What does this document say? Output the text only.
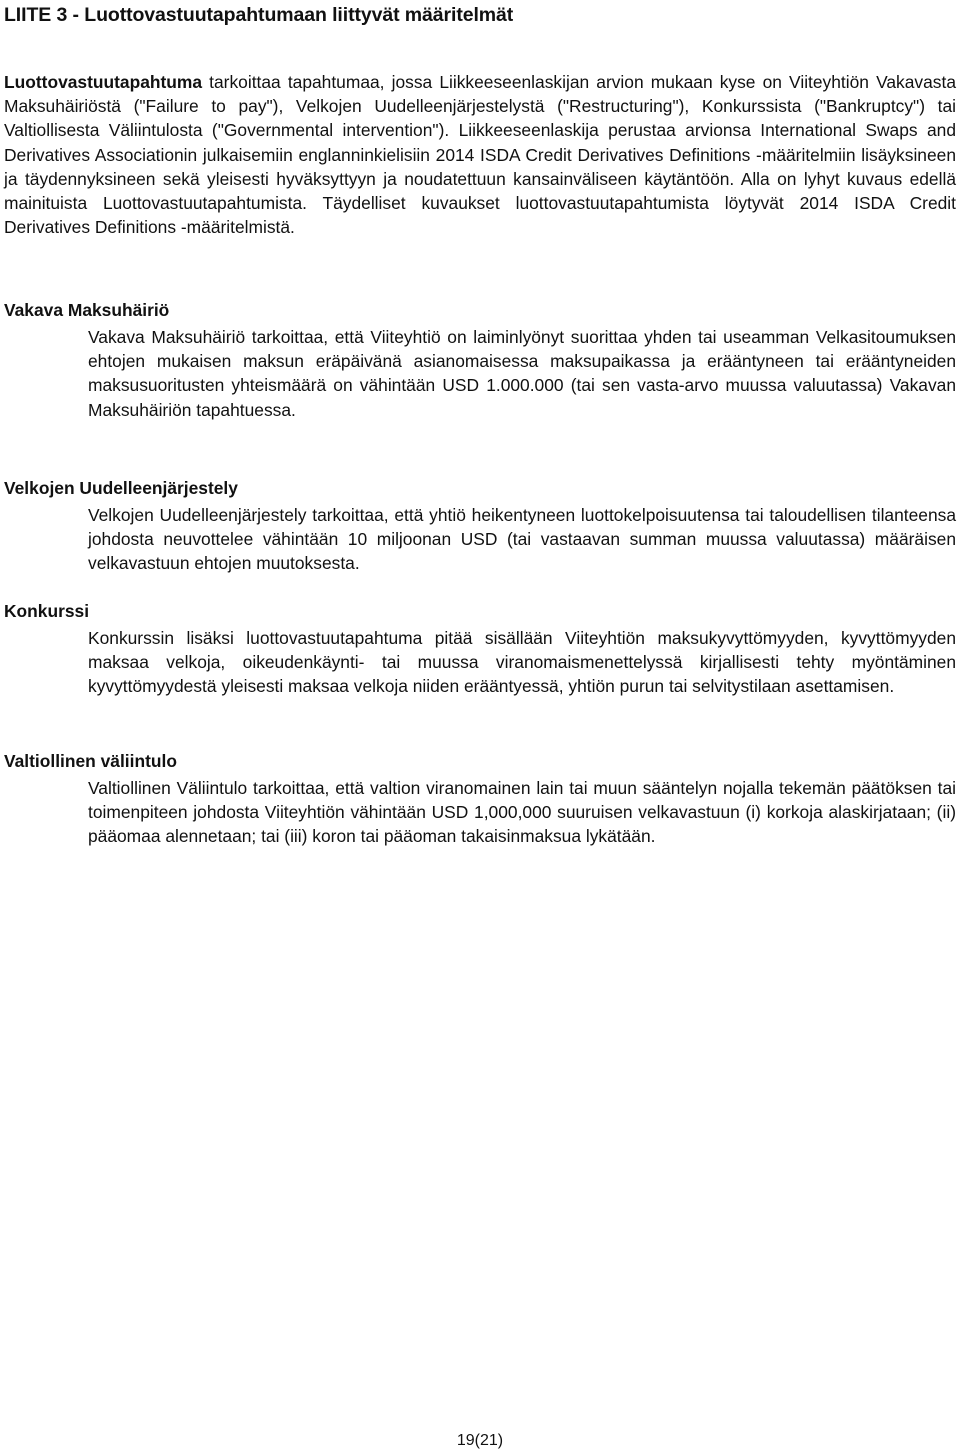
LIITE 3 - Luottovastuutapahtumaan liittyvät määritelmät

Luottovastuutapahtuma tarkoittaa tapahtumaa, jossa Liikkeeseenlaskijan arvion mukaan kyse on Viiteyhtiön Vakavasta Maksuhäiriöstä ("Failure to pay"), Velkojen Uudelleenjärjestelystä ("Restructuring"), Konkurssista ("Bankruptcy") tai Valtiollisesta Väliintulosta ("Governmental intervention"). Liikkeeseenlaskija perustaa arvionsa International Swaps and Derivatives Associationin julkaisemiin englanninkielisiin 2014 ISDA Credit Derivatives Definitions -määritelmiin lisäyksineen ja täydennyksineen sekä yleisesti hyväksyttyyn ja noudatettuun kansainväliseen käytäntöön. Alla on lyhyt kuvaus edellä mainituista Luottovastuutapahtumista. Täydelliset kuvaukset luottovastuutapahtumista löytyvät 2014 ISDA Credit Derivatives Definitions -määritelmistä.

Vakava Maksuhäiriö

Vakava Maksuhäiriö tarkoittaa, että Viiteyhtiö on laiminlyönyt suorittaa yhden tai useamman Velkasitoumuksen ehtojen mukaisen maksun eräpäivänä asianomaisessa maksupaikassa ja erääntyneen tai erääntyneiden maksusuoritusten yhteismäärä on vähintään USD 1.000.000 (tai sen vasta-arvo muussa valuutassa) Vakavan Maksuhäiriön tapahtuessa.

Velkojen Uudelleenjärjestely

Velkojen Uudelleenjärjestely tarkoittaa, että yhtiö heikentyneen luottokelpoisuutensa tai taloudellisen tilanteensa johdosta neuvottelee vähintään 10 miljoonan USD (tai vastaavan summan muussa valuutassa) määräisen velkavastuun ehtojen muutoksesta.

Konkurssi

Konkurssin lisäksi luottovastuutapahtuma pitää sisällään Viiteyhtiön maksukyvyttömyyden, kyvyttömyyden maksaa velkoja, oikeudenkäynti- tai muussa viranomaismenettelyssä kirjallisesti tehty myöntäminen kyvyttömyydestä yleisesti maksaa velkoja niiden erääntyessä, yhtiön purun tai selvitystilaan asettamisen.

Valtiollinen väliintulo

Valtiollinen Väliintulo tarkoittaa, että valtion viranomainen lain tai muun sääntelyn nojalla tekemän päätöksen tai toimenpiteen johdosta Viiteyhtiön vähintään USD 1,000,000 suuruisen velkavastuun (i) korkoja alaskirjataan; (ii) pääomaa alennetaan; tai (iii) koron tai pääoman takaisinmaksua lykätään.

19(21)
